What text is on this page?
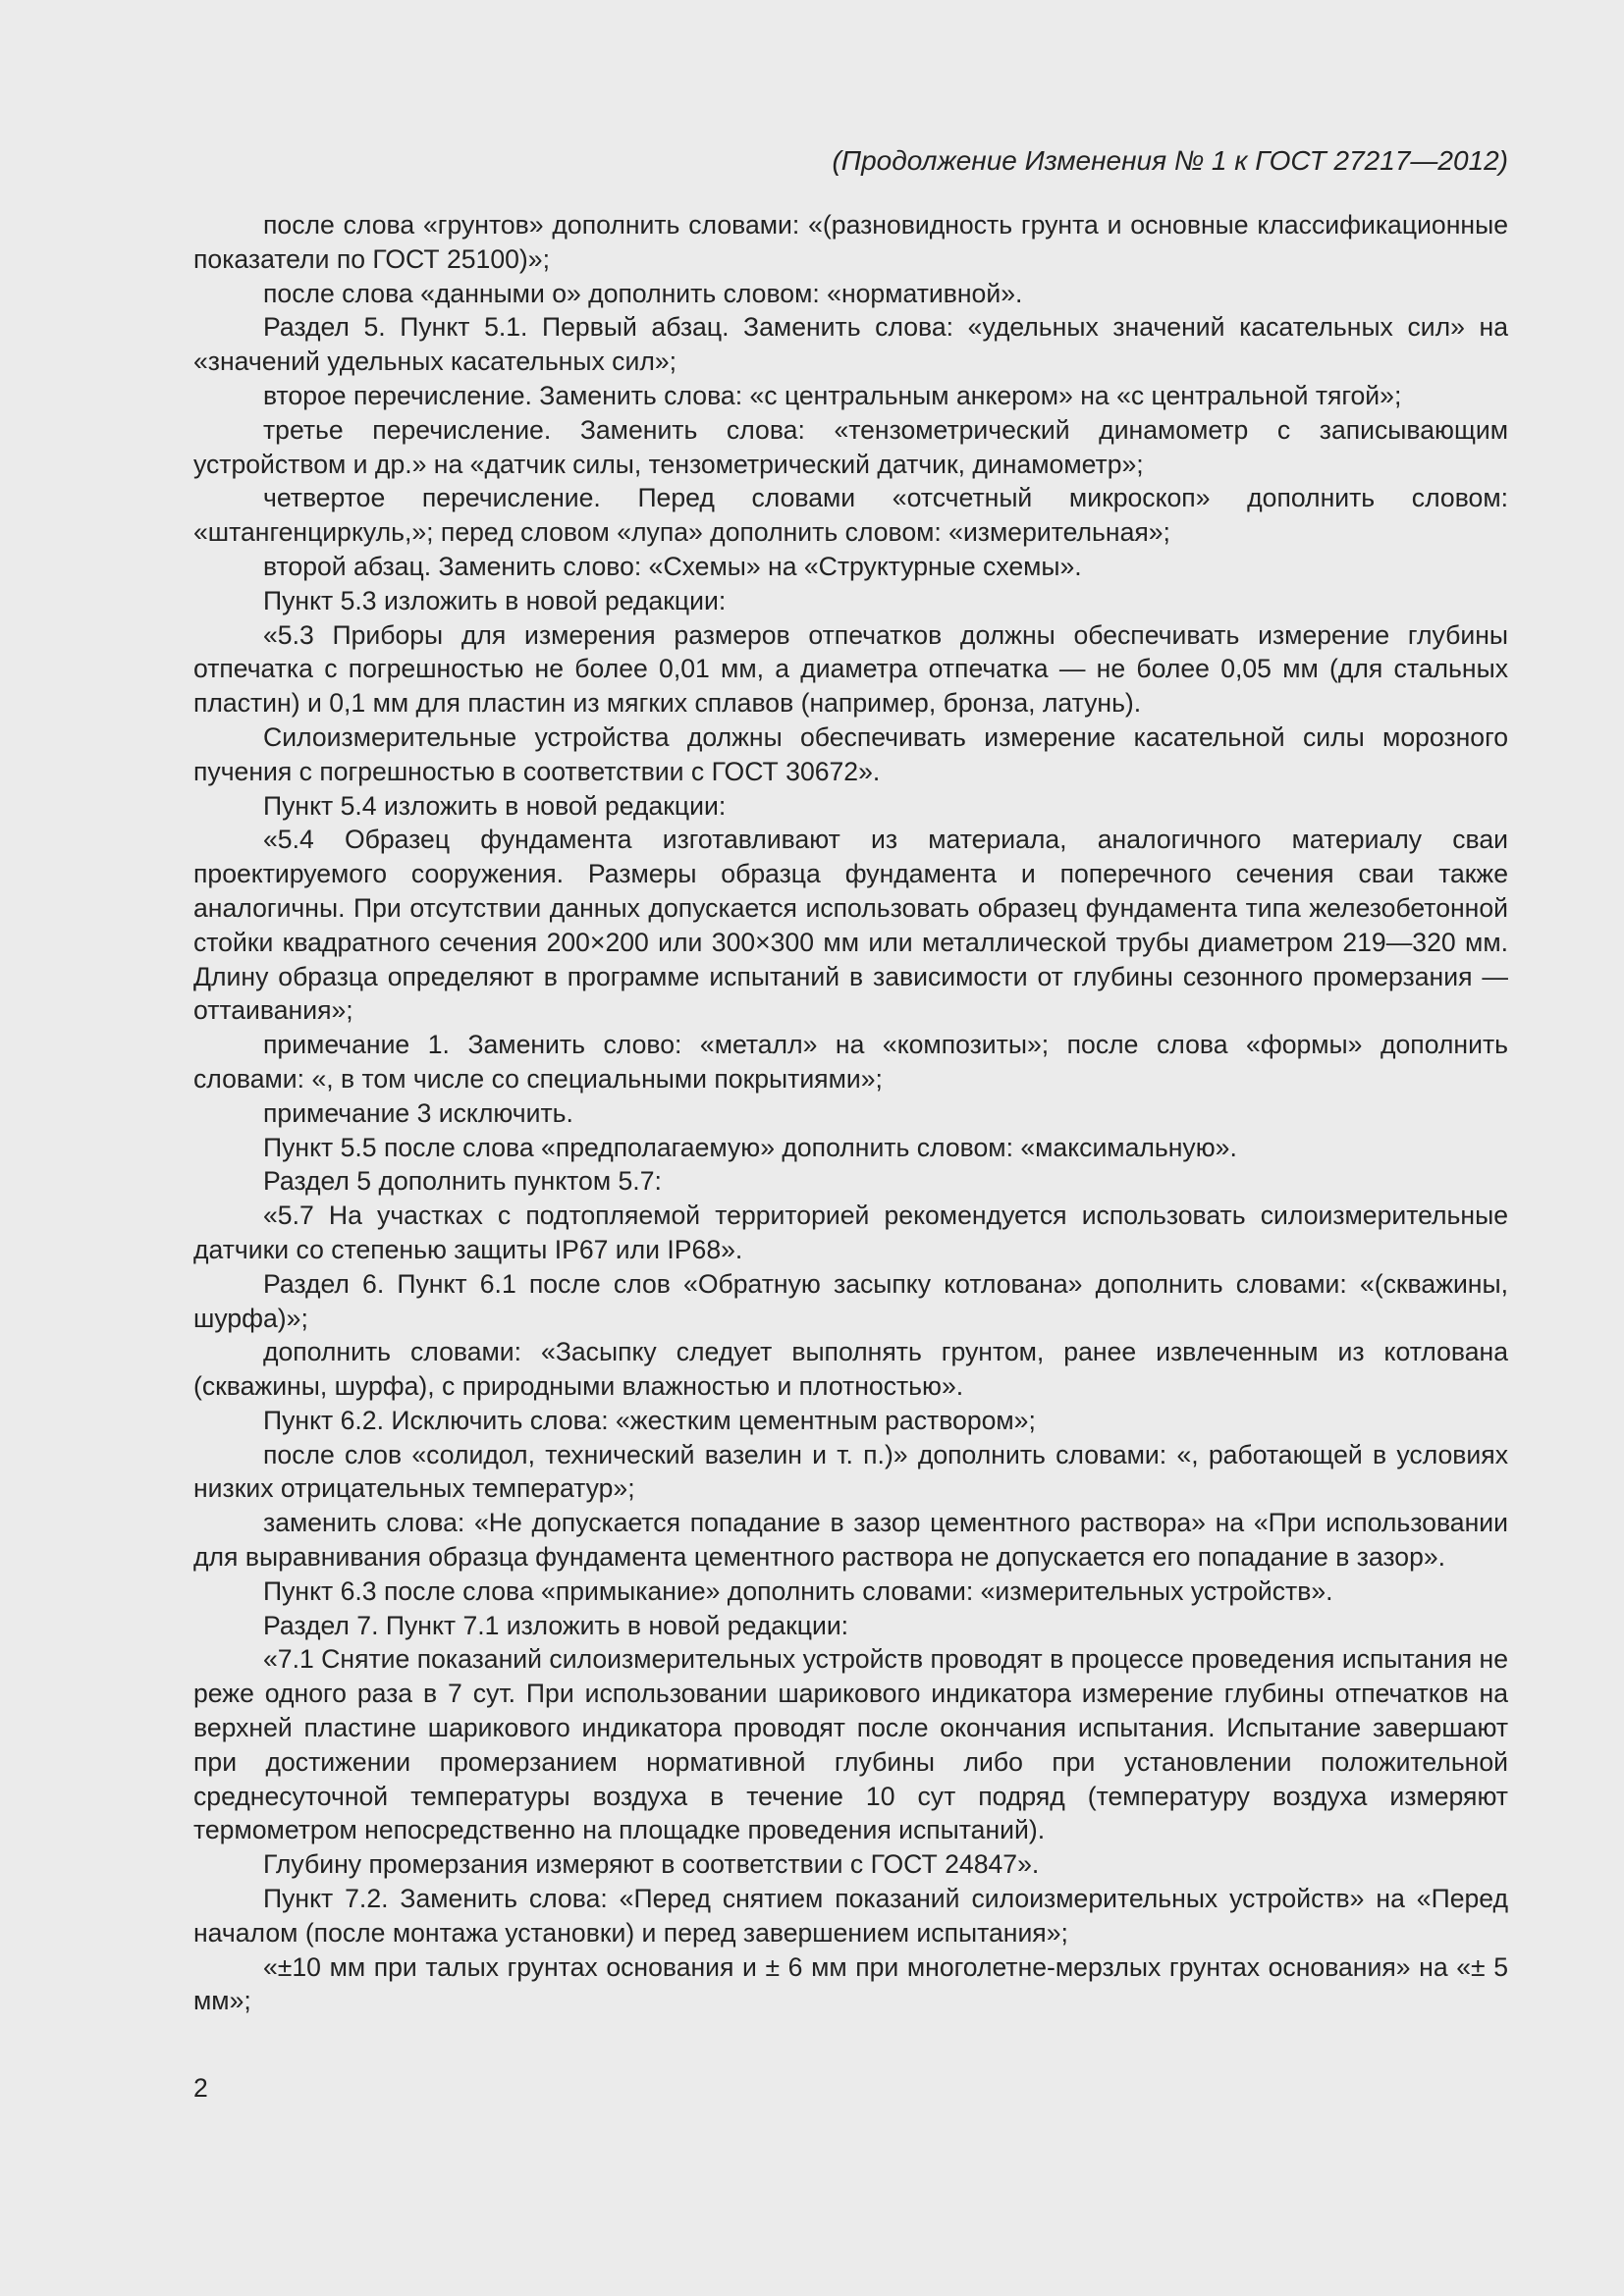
(Продолжение Изменения № 1 к ГОСТ 27217—2012)

после слова «грунтов» дополнить словами: «(разновидность грунта и основные классификационные показатели по ГОСТ 25100)»;

после слова «данными о» дополнить словом: «нормативной».

Раздел 5. Пункт 5.1. Первый абзац. Заменить слова: «удельных значений касательных сил» на «значений удельных касательных сил»;

второе перечисление. Заменить слова: «с центральным анкером» на «с центральной тягой»;

третье перечисление. Заменить слова: «тензометрический динамометр с записывающим устройством и др.» на «датчик силы, тензометрический датчик, динамометр»;

четвертое перечисление. Перед словами «отсчетный микроскоп» дополнить словом: «штангенциркуль,»; перед словом «лупа» дополнить словом: «измерительная»;

второй абзац. Заменить слово: «Схемы» на «Структурные схемы».

Пункт 5.3 изложить в новой редакции:

«5.3 Приборы для измерения размеров отпечатков должны обеспечивать измерение глубины отпечатка с погрешностью не более 0,01 мм, а диаметра отпечатка — не более 0,05 мм (для стальных пластин) и 0,1 мм для пластин из мягких сплавов (например, бронза, латунь).

Силоизмерительные устройства должны обеспечивать измерение касательной силы морозного пучения с погрешностью в соответствии с ГОСТ 30672».

Пункт 5.4 изложить в новой редакции:

«5.4 Образец фундамента изготавливают из материала, аналогичного материалу сваи проектируемого сооружения. Размеры образца фундамента и поперечного сечения сваи также аналогичны. При отсутствии данных допускается использовать образец фундамента типа железобетонной стойки квадратного сечения 200×200 или 300×300 мм или металлической трубы диаметром 219—320 мм. Длину образца определяют в программе испытаний в зависимости от глубины сезонного промерзания — оттаивания»;

примечание 1. Заменить слово: «металл» на «композиты»; после слова «формы» дополнить словами: «, в том числе со специальными покрытиями»;

примечание 3 исключить.

Пункт 5.5 после слова «предполагаемую» дополнить словом: «максимальную».

Раздел 5 дополнить пунктом 5.7:

«5.7 На участках с подтопляемой территорией рекомендуется использовать силоизмерительные датчики со степенью защиты IP67 или IP68».

Раздел 6. Пункт 6.1 после слов «Обратную засыпку котлована» дополнить словами: «(скважины, шурфа)»;

дополнить словами: «Засыпку следует выполнять грунтом, ранее извлеченным из котлована (скважины, шурфа), с природными влажностью и плотностью».

Пункт 6.2. Исключить слова: «жестким цементным раствором»;

после слов «солидол, технический вазелин и т. п.)» дополнить словами: «, работающей в условиях низких отрицательных температур»;

заменить слова: «Не допускается попадание в зазор цементного раствора» на «При использовании для выравнивания образца фундамента цементного раствора не допускается его попадание в зазор».

Пункт 6.3 после слова «примыкание» дополнить словами: «измерительных устройств».

Раздел 7. Пункт 7.1 изложить в новой редакции:

«7.1 Снятие показаний силоизмерительных устройств проводят в процессе проведения испытания не реже одного раза в 7 сут. При использовании шарикового индикатора измерение глубины отпечатков на верхней пластине шарикового индикатора проводят после окончания испытания. Испытание завершают при достижении промерзанием нормативной глубины либо при установлении положительной среднесуточной температуры воздуха в течение 10 сут подряд (температуру воздуха измеряют термометром непосредственно на площадке проведения испытаний).

Глубину промерзания измеряют в соответствии с ГОСТ 24847».

Пункт 7.2. Заменить слова: «Перед снятием показаний силоизмерительных устройств» на «Перед началом (после монтажа установки) и перед завершением испытания»;

«±10 мм при талых грунтах основания и ± 6 мм при многолетне-мерзлых грунтах основания» на «± 5 мм»;

2
